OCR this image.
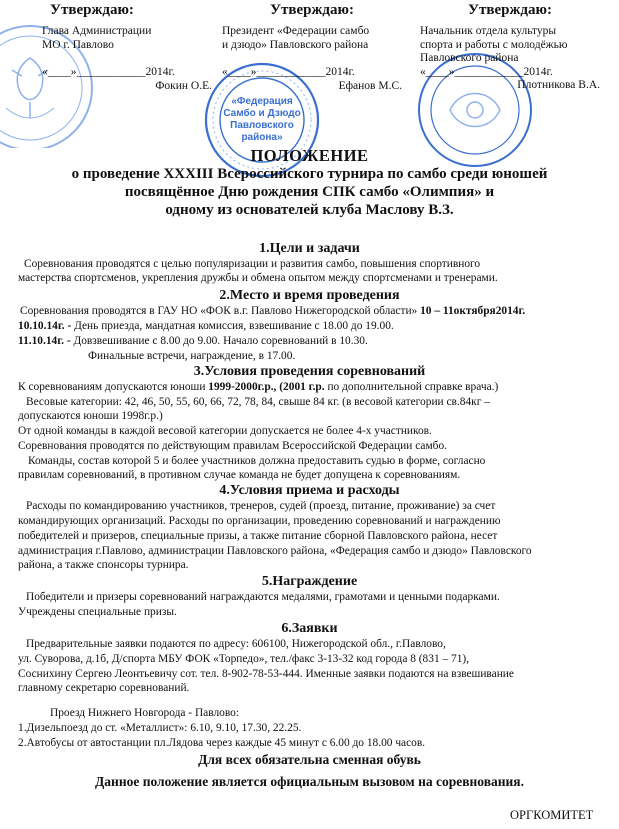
«Федерация
Самбо и Дзюдо
Павловского
района»
Утверждаю:
Глава Администрации
МО г. Павлово
«____»____________2014г.
Фокин О.Е.
Утверждаю:
Президент «Федерации самбо
и дзюдо» Павловского района
«____»____________2014г.
Ефанов М.С.
Утверждаю:
Начальник отдела культуры
спорта и работы с молодёжью
Павловского района
«____»____________2014г.
Плотникова В.А.
ПОЛОЖЕНИЕ
о проведение XXXIII Всероссийского турнира по самбо среди юношей
посвящённое Дню рождения СПК самбо «Олимпия» и
одному из основателей клуба Маслову В.З.
1.Цели и задачи
Соревнования проводятся с целью популяризации и развития самбо, повышения спортивного
мастерства спортсменов, укрепления дружбы и обмена опытом между спортсменами и тренерами.
2.Место и время проведения
Соревнования проводятся в ГАУ НО «ФОК в.г. Павлово Нижегородской области» 10 – 11октября2014г.
10.10.14г. - День приезда, мандатная комиссия, взвешивание с 18.00 до 19.00.
11.10.14г. - Довзвешивание с 8.00 до 9.00. Начало соревнований в 10.30.
Финальные встречи, награждение, в 17.00.
3.Условия проведения соревнований
К соревнованиям допускаются юноши 1999-2000г.р., (2001 г.р. по дополнительной справке врача.)
Весовые категории: 42, 46, 50, 55, 60, 66, 72, 78, 84, свыше 84 кг. (в весовой категории св.84кг –
допускаются юноши 1998г.р.)
От одной команды в каждой весовой категории допускается не более 4-х участников.
Соревнования проводятся по действующим правилам Всероссийской Федерации самбо.
Команды, состав которой 5 и более участников должна предоставить судью в форме, согласно
правилам соревнований, в противном случае команда не будет допущена к соревнованиям.
4.Условия приема и расходы
Расходы по командированию участников, тренеров, судей (проезд, питание, проживание) за счет
командирующих организаций. Расходы по организации, проведению соревнований и награждению
победителей и призеров, специальные призы, а также питание сборной Павловского района, несет
администрация г.Павлово, администрации Павловского района, «Федерация самбо и дзюдо» Павловского
района, а также спонсоры турнира.
5.Награждение
Победители и призеры соревнований награждаются медалями, грамотами и ценными подарками.
Учреждены специальные призы.
6.Заявки
Предварительные заявки подаются по адресу: 606100, Нижегородской обл., г.Павлово,
ул. Суворова, д.1б, Д/спорта МБУ ФОК «Торпедо», тел./факс 3-13-32 код города 8 (831 – 71),
Соснихину Сергею Леонтьевичу сот. тел. 8-902-78-53-444. Именные заявки подаются на взвешивание
главному секретарю соревнований.
Проезд Нижнего Новгорода - Павлово:
1.Дизельпоезд до ст. «Металлист»: 6.10, 9.10, 17.30, 22.25.
2.Автобусы от автостанции пл.Лядова через каждые 45 минут с 6.00 до 18.00 часов.
Для всех обязательна сменная обувь
Данное положение является официальным вызовом на соревнования.
ОРГКОМИТЕТ
